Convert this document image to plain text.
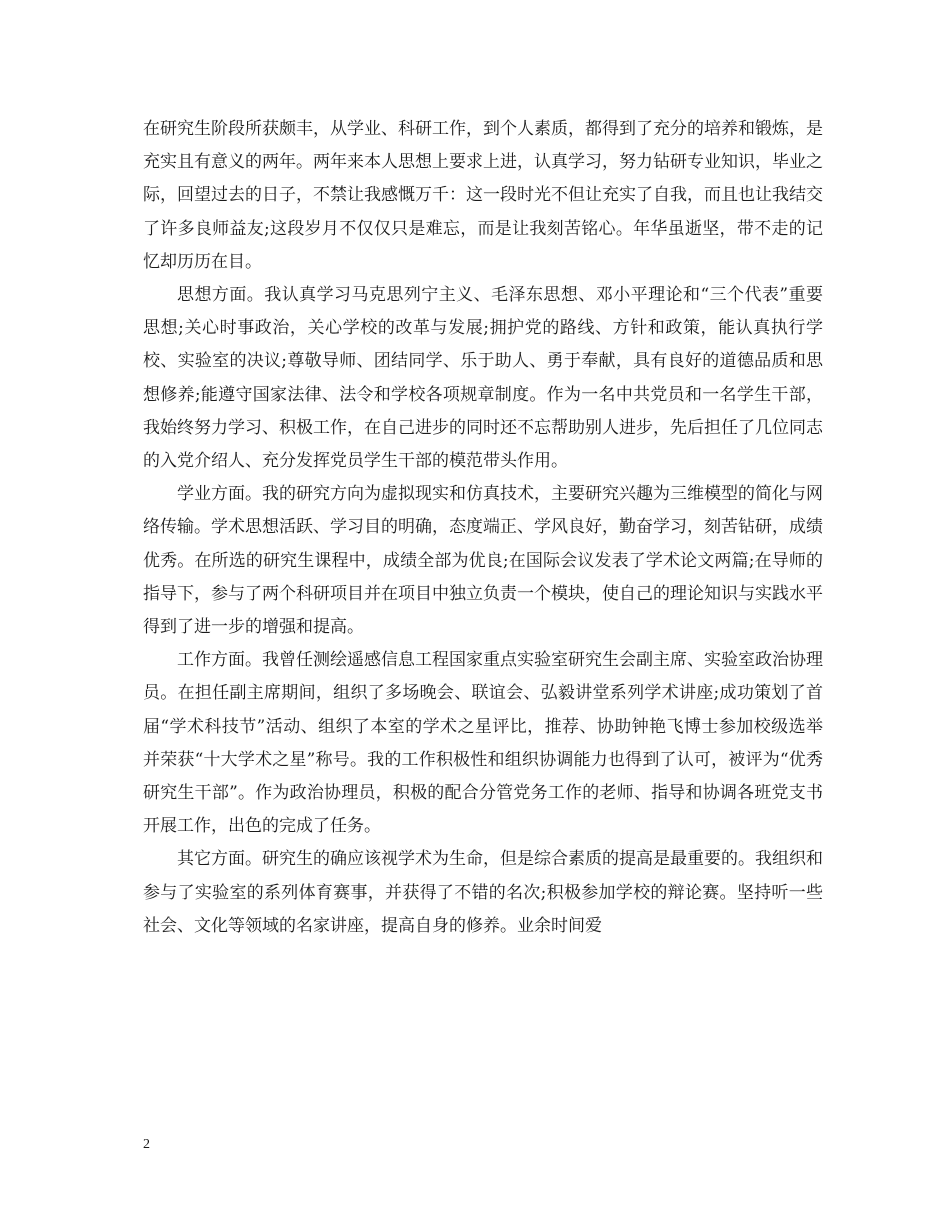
在研究生阶段所获颇丰，从学业、科研工作，到个人素质，都得到了充分的培养和锻炼，是充实且有意义的两年。两年来本人思想上要求上进，认真学习，努力钻研专业知识，毕业之际，回望过去的日子，不禁让我感慨万千：这一段时光不但让充实了自我，而且也让我结交了许多良师益友;这段岁月不仅仅只是难忘，而是让我刻苦铭心。年华虽逝坚，带不走的记忆却历历在目。

思想方面。我认真学习马克思列宁主义、毛泽东思想、邓小平理论和“三个代表”重要思想;关心时事政治，关心学校的改革与发展;拥护党的路线、方针和政策，能认真执行学校、实验室的决议;尊敬导师、团结同学、乐于助人、勇于奉献，具有良好的道德品质和思想修养;能遵守国家法律、法令和学校各项规章制度。作为一名中共党员和一名学生干部，我始终努力学习、积极工作，在自己进步的同时还不忘帮助别人进步，先后担任了几位同志的入党介绍人、充分发挥党员学生干部的模范带头作用。

学业方面。我的研究方向为虚拟现实和仿真技术，主要研究兴趣为三维模型的简化与网络传输。学术思想活跃、学习目的明确，态度端正、学风良好，勤奋学习，刻苦钻研，成绩优秀。在所选的研究生课程中，成绩全部为优良;在国际会议发表了学术论文两篇;在导师的指导下，参与了两个科研项目并在项目中独立负责一个模块，使自己的理论知识与实践水平得到了进一步的增强和提高。

工作方面。我曾任测绘遥感信息工程国家重点实验室研究生会副主席、实验室政治协理员。在担任副主席期间，组织了多场晚会、联谊会、弘毅讲堂系列学术讲座;成功策划了首届“学术科技节”活动、组织了本室的学术之星评比，推荐、协助钟艳飞博士参加校级选举并荣获“十大学术之星”称号。我的工作积极性和组织协调能力也得到了认可，被评为“优秀研究生干部”。作为政治协理员，积极的配合分管党务工作的老师、指导和协调各班党支书开展工作，出色的完成了任务。

其它方面。研究生的确应该视学术为生命，但是综合素质的提高是最重要的。我组织和参与了实验室的系列体育赛事，并获得了不错的名次;积极参加学校的辩论赛。坚持听一些社会、文化等领域的名家讲座，提高自身的修养。业余时间爱

2
